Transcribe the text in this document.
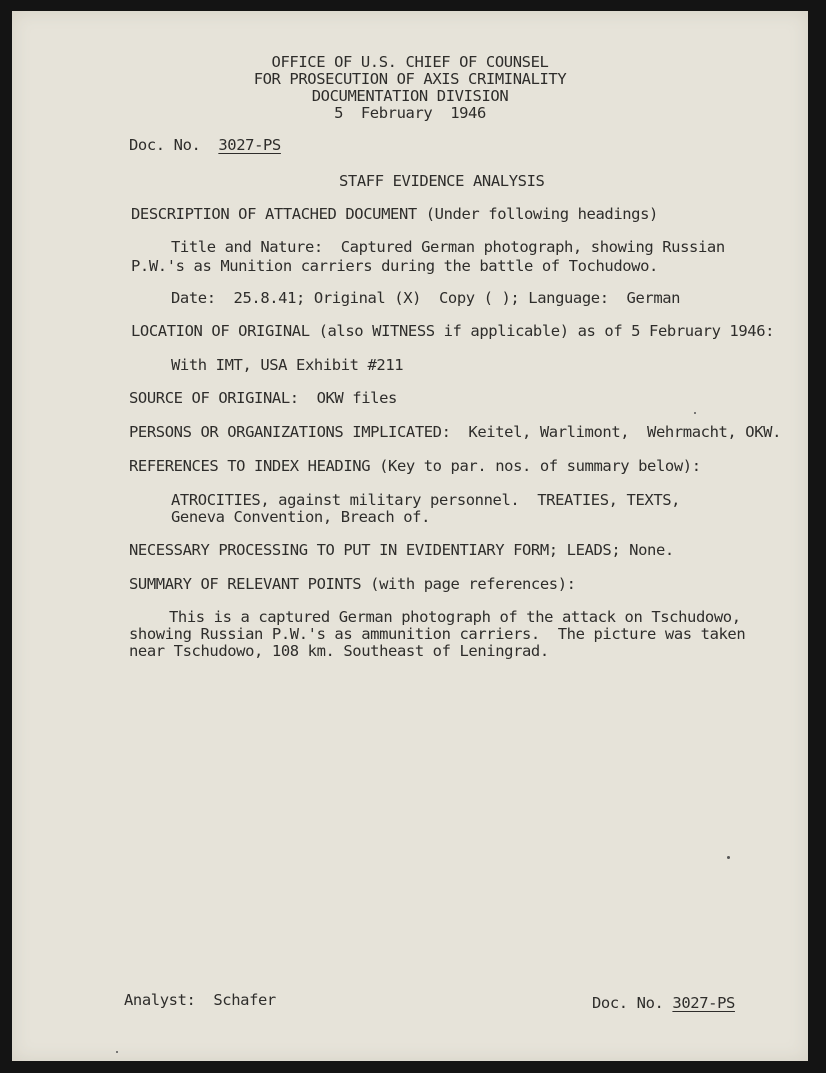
OFFICE OF U.S. CHIEF OF COUNSEL
FOR PROSECUTION OF AXIS CRIMINALITY
DOCUMENTATION DIVISION
5  February  1946
Doc. No. 3027-PS
STAFF EVIDENCE ANALYSIS
DESCRIPTION OF ATTACHED DOCUMENT (Under following headings)
Title and Nature:  Captured German photograph, showing Russian
P.W.'s as Munition carriers during the battle of Tochudowo.
Date:  25.8.41; Original (X)  Copy ( ); Language:  German
LOCATION OF ORIGINAL (also WITNESS if applicable) as of 5 February 1946:
With IMT, USA Exhibit #211
SOURCE OF ORIGINAL:  OKW files
PERSONS OR ORGANIZATIONS IMPLICATED:  Keitel, Warlimont,  Wehrmacht, OKW.
REFERENCES TO INDEX HEADING (Key to par. nos. of summary below):
ATROCITIES, against military personnel.  TREATIES, TEXTS,
Geneva Convention, Breach of.
NECESSARY PROCESSING TO PUT IN EVIDENTIARY FORM; LEADS; None.
SUMMARY OF RELEVANT POINTS (with page references):
This is a captured German photograph of the attack on Tschudowo,
showing Russian P.W.'s as ammunition carriers.  The picture was taken
near Tschudowo, 108 km. Southeast of Leningrad.
Analyst: Schafer	Doc. No. 3027-PS
